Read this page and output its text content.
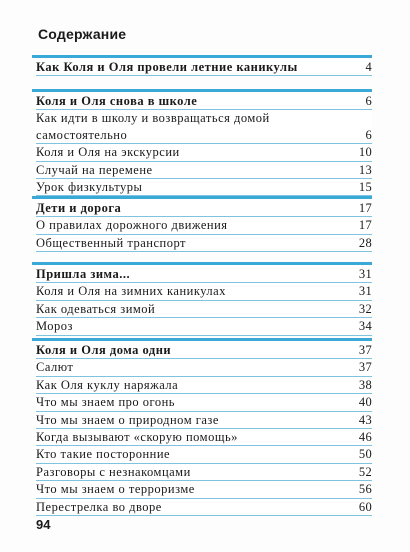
Содержание
Как Коля и Оля провели летние каникулы	4
Коля и Оля снова в школе	6
Как идти в школу и возвращаться домой самостоятельно	6
Коля и Оля на экскурсии	10
Случай на перемене	13
Урок физкультуры	15
Дети и дорога	17
О правилах дорожного движения	17
Общественный транспорт	28
Пришла зима...	31
Коля и Оля на зимних каникулах	31
Как одеваться зимой	32
Мороз	34
Коля и Оля дома одни	37
Салют	37
Как Оля куклу наряжала	38
Что мы знаем про огонь	40
Что мы знаем о природном газе	43
Когда вызывают «скорую помощь»	46
Кто такие посторонние	50
Разговоры с незнакомцами	52
Что мы знаем о терроризме	56
Перестрелка во дворе	60
94
